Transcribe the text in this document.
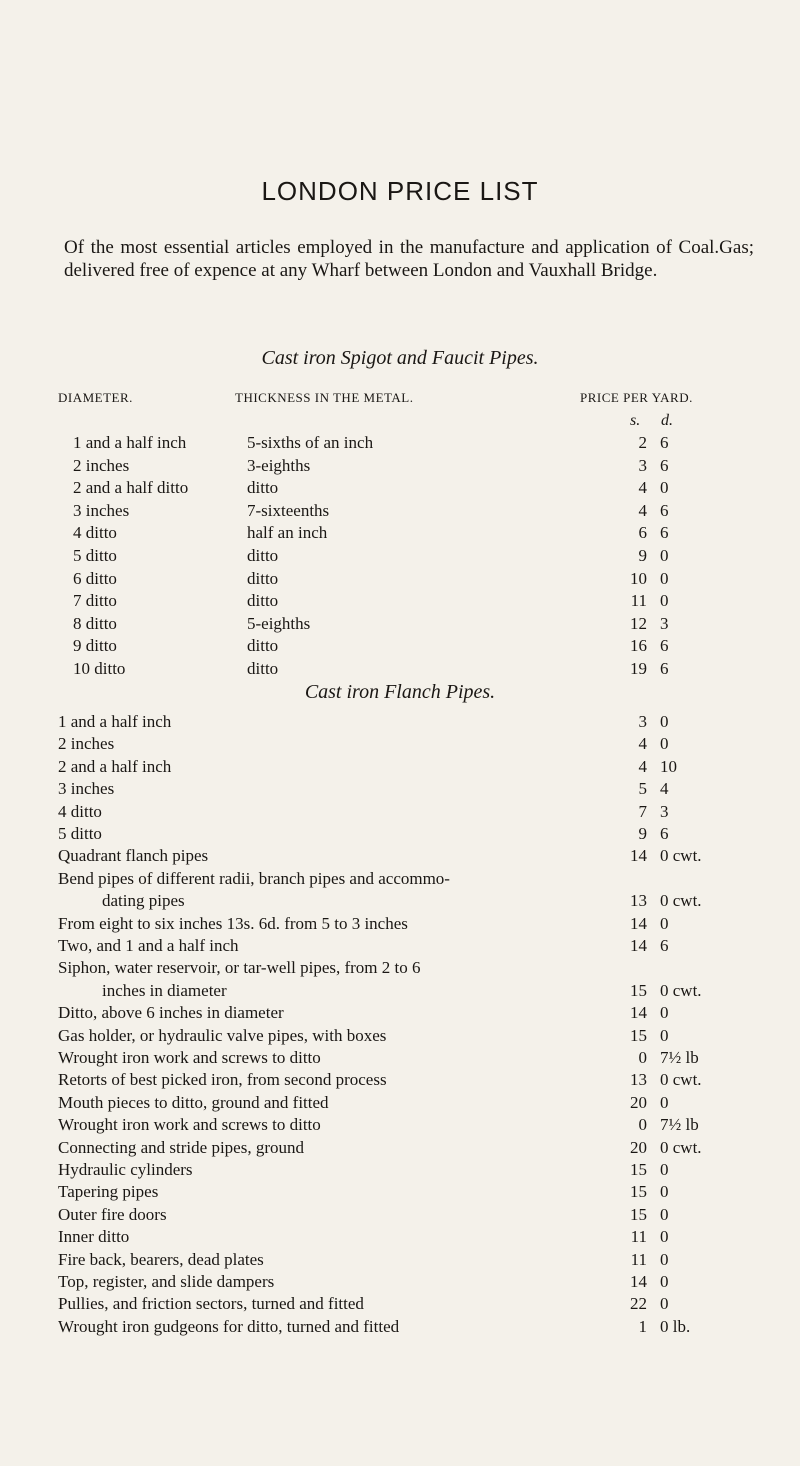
LONDON PRICE LIST
Of the most essential articles employed in the manufacture and application of Coal.Gas; delivered free of expence at any Wharf between London and Vauxhall Bridge.
Cast iron Spigot and Faucit Pipes.
DIAMETER.	THICKNESS IN THE METAL.	PRICE PER YARD.
s. d.
1 and a half inch	5-sixths of an inch	2 6
2 inches	3-eighths	3 6
2 and a half ditto	ditto	4 0
3 inches	7-sixteenths	4 6
4 ditto	half an inch	6 6
5 ditto	ditto	9 0
6 ditto	ditto	10 0
7 ditto	ditto	11 0
8 ditto	5-eighths	12 3
9 ditto	ditto	16 6
10 ditto	ditto	19 6
1 and a half inch	3 0
2 inches	4 0
2 and a half inch	4 10
3 inches	5 4
4 ditto	7 3
5 ditto	9 6
Quadrant flanch pipes	14 0 cwt.
Bend pipes of different radii, branch pipes and accommo-
dating pipes	13 0 cwt.
From eight to six inches 13s. 6d. from 5 to 3 inches	14 0
Two, and 1 and a half inch	14 6
Siphon, water reservoir, or tar-well pipes, from 2 to 6
inches in diameter	15 0 cwt.
Ditto, above 6 inches in diameter	14 0
Gas holder, or hydraulic valve pipes, with boxes	15 0
Wrought iron work and screws to ditto	0 7½ lb
Retorts of best picked iron, from second process	13 0 cwt.
Mouth pieces to ditto, ground and fitted	20 0
Wrought iron work and screws to ditto	0 7½ lb
Connecting and stride pipes, ground	20 0 cwt.
Hydraulic cylinders	15 0
Tapering pipes	15 0
Outer fire doors	15 0
Inner ditto	11 0
Fire back, bearers, dead plates	11 0
Top, register, and slide dampers	14 0
Pullies, and friction sectors, turned and fitted	22 0
Wrought iron gudgeons for ditto, turned and fitted	1 0 lb.
Cast iron Flanch Pipes.
